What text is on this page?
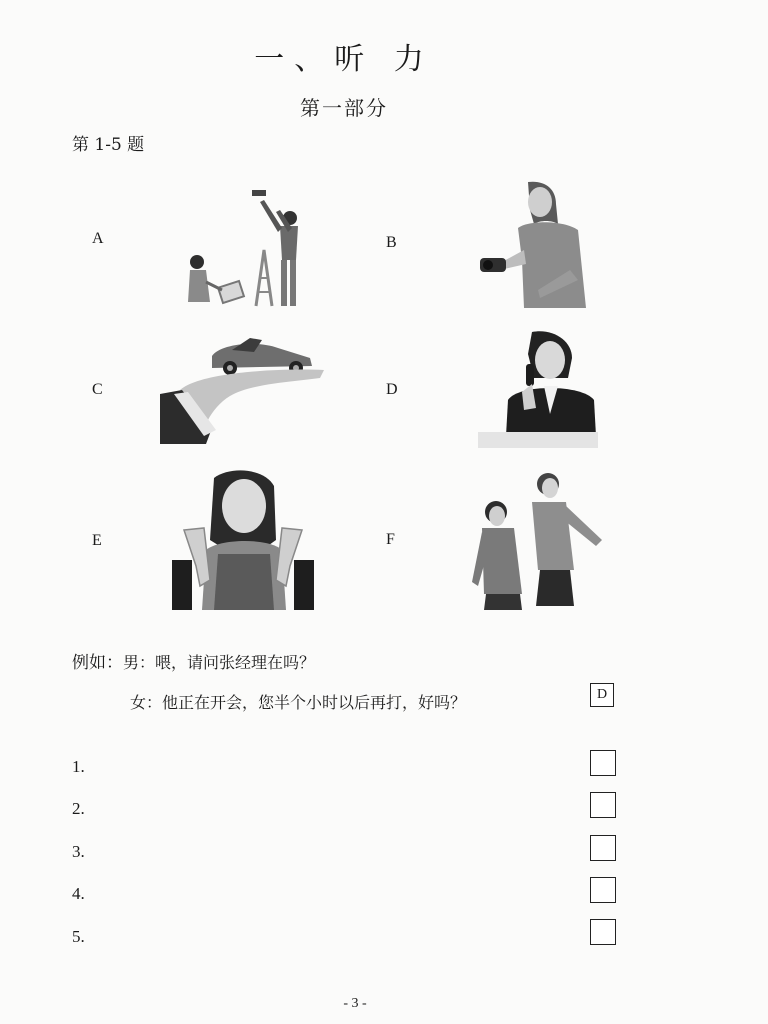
一、听 力
第一部分
第 1-5 题
A	B
C	D
E	F
例如：男：喂，请问张经理在吗？
女：他正在开会，您半个小时以后再打，好吗？	D
1.
2.
3.
4.
5.
- 3 -
